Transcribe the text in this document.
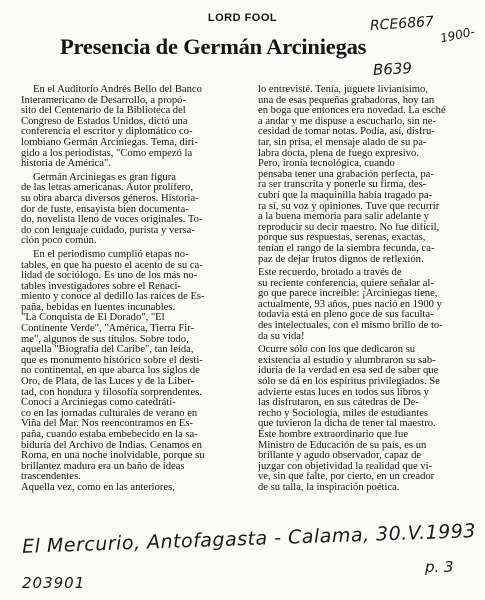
LORD FOOL
Presencia de Germán Arciniegas
RCE6867
1900-
B639
En el Auditorio Andrés Bello del Banco
Interamericano de Desarrollo, a propó-
sito del Centenario de la Biblioteca del
Congreso de Estados Unidos, dictó una
conferencia el escritor y diplomático co-
lombiano Germán Arciniegas. Tema, diri-
gido a los periodistas, "Como empezó la
historia de América".
Germán Arciniegas es gran figura
de las letras americanas. Autor prolífero,
su obra abarca diversos géneros. Historia-
dor de fuste, ensayista bien documenta-
do, novelista lleno de voces originales. To-
do con lenguaje cuidado, purista y versa-
ción poco común.
En el periodismo cumplió etapas no-
tables, en que ha puesto el acento de su ca-
lidad de sociólogo. Es uno de los más no-
tables investigadores sobre el Renaci-
miento y conoce al dedillo las raíces de Es-
paña, bebidas en fuentes incunables.
"La Conquista de El Dorado", "El
Continente Verde", "América, Tierra Fir-
me", algunos de sus títulos. Sobre todo,
aquella "Biografía del Caribe", tan leída,
que es monumento histórico sobre el desti-
no continental, en que abarca los siglos de
Oro, de Plata, de las Luces y de la Liber-
tad, con hondura y filosofía sorprendentes.
Conocí a Arciniegas como catedráti-
co en las jornadas culturales de verano en
Viña del Mar. Nos reencontramos en Es-
paña, cuando estaba embebecido en la sa-
biduría del Archivo de Indias. Cenamos en
Roma, en una noche inolvidable, porque su
brillantez madura era un baño de ideas
trascendentes.
Aquella vez, como en las anteriores,
lo entrevisté. Tenía, juguete livianísimo,
una de esas pequeñas grabadoras, hoy tan
en boga que entonces era novedad. La esché
a andar y me dispuse a escucharlo, sin ne-
cesidad de tomar notas. Podía, así, disfru-
tar, sin prisa, el mensaje alado de su pa-
labra docta, plena de fuego expresivo.
Pero, ironía tecnológica, cuando
pensaba tener una grabación perfecta, pa-
ra ser transcrita y ponerle su firma, des-
cubrí que la maquinilla había tragado pa-
ra sí, su voz y opiniones. Tuve que recurrir
a la buena memoria para salir adelante y
reproducir su decir maestro. No fue difícil,
porque sus respuestas, serenas, exactas,
tenían el rango de la siembra fecunda, ca-
paz de dejar frutos dignos de reflexión.
Este recuerdo, brotado a través de
su reciente conferencia, quiere señalar al-
go que parece increíble: ¡Arciniegas tiene,
actualmente, 93 años, pues nació en 1900 y
todavía está en pleno goce de sus faculta-
des intelectuales, con el mismo brillo de to-
da su vida!
Ocurre sólo con los que dedicaron su
existencia al estudio y alumbraron su sab-
iduría de la verdad en esa sed de saber que
sólo se dá en los espíritus privilegiados. Se
advierte estas luces en todos sus libros y
las disfrutaron, en sus cátedras de De-
recho y Sociología, miles de estudiantes
que tuvieron la dicha de tener tal maestro.
Este hombre extraordinario que fue
Ministro de Educación de su país, es un
brillante y agudo observador, capaz de
juzgar con objetividad la realidad que vi-
ve, sin que falte, por cierto, en un creador
de su talla, la inspiración poética.
El Mercurio, Antofagasta - Calama, 30.V.1993
p. 3
203901
